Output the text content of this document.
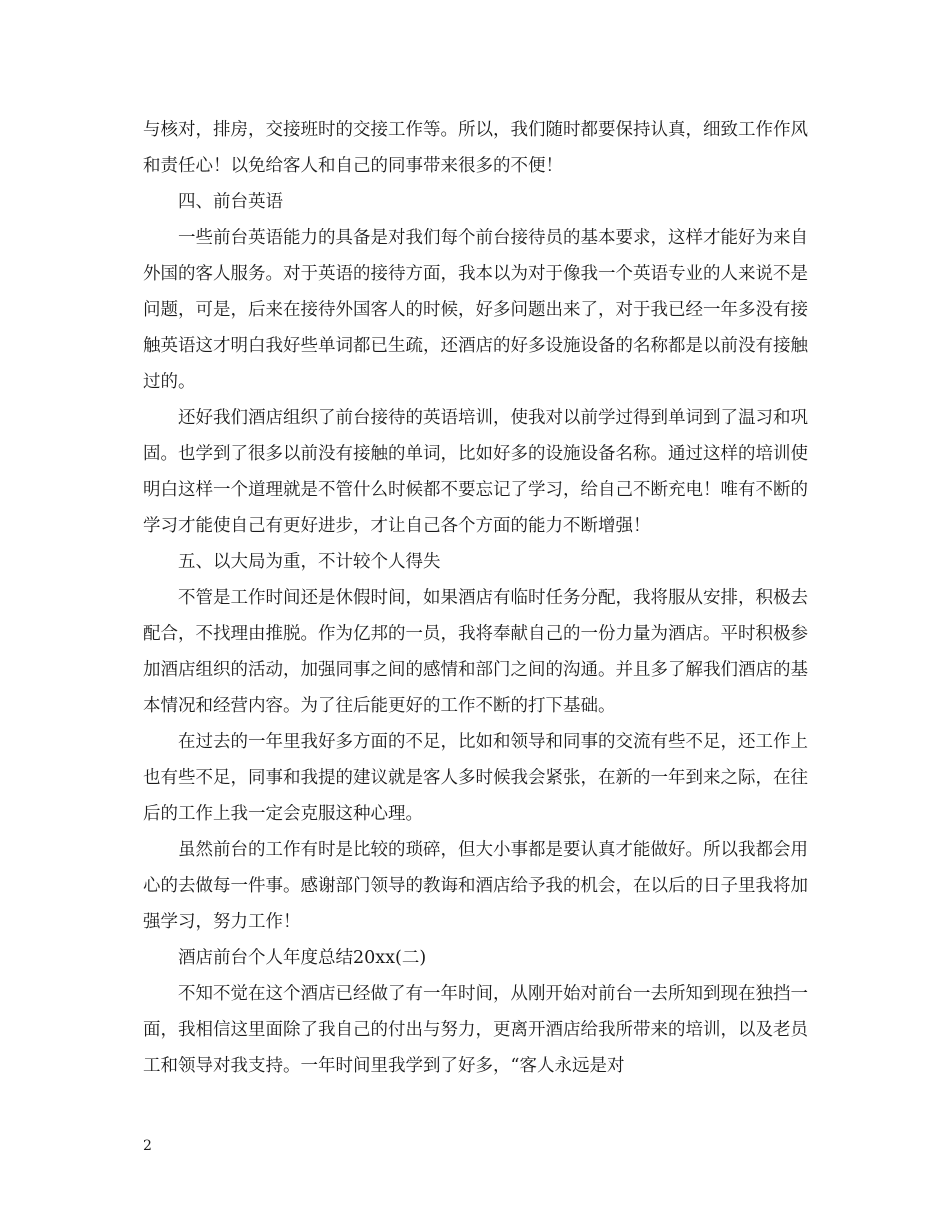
与核对，排房，交接班时的交接工作等。所以，我们随时都要保持认真，细致工作作风和责任心！以免给客人和自己的同事带来很多的不便！

四、前台英语

一些前台英语能力的具备是对我们每个前台接待员的基本要求，这样才能好为来自外国的客人服务。对于英语的接待方面，我本以为对于像我一个英语专业的人来说不是问题，可是，后来在接待外国客人的时候，好多问题出来了，对于我已经一年多没有接触英语这才明白我好些单词都已生疏，还酒店的好多设施设备的名称都是以前没有接触过的。

还好我们酒店组织了前台接待的英语培训，使我对以前学过得到单词到了温习和巩固。也学到了很多以前没有接触的单词，比如好多的设施设备名称。通过这样的培训使明白这样一个道理就是不管什么时候都不要忘记了学习，给自己不断充电！唯有不断的学习才能使自己有更好进步，才让自己各个方面的能力不断增强！

五、以大局为重，不计较个人得失

不管是工作时间还是休假时间，如果酒店有临时任务分配，我将服从安排，积极去配合，不找理由推脱。作为亿邦的一员，我将奉献自己的一份力量为酒店。平时积极参加酒店组织的活动，加强同事之间的感情和部门之间的沟通。并且多了解我们酒店的基本情况和经营内容。为了往后能更好的工作不断的打下基础。

在过去的一年里我好多方面的不足，比如和领导和同事的交流有些不足，还工作上也有些不足，同事和我提的建议就是客人多时候我会紧张，在新的一年到来之际，在往后的工作上我一定会克服这种心理。

虽然前台的工作有时是比较的琐碎，但大小事都是要认真才能做好。所以我都会用心的去做每一件事。感谢部门领导的教诲和酒店给予我的机会，在以后的日子里我将加强学习，努力工作！

酒店前台个人年度总结20xx(二)

不知不觉在这个酒店已经做了有一年时间，从刚开始对前台一去所知到现在独挡一面，我相信这里面除了我自己的付出与努力，更离开酒店给我所带来的培训，以及老员工和领导对我支持。一年时间里我学到了好多，“客人永远是对

2
